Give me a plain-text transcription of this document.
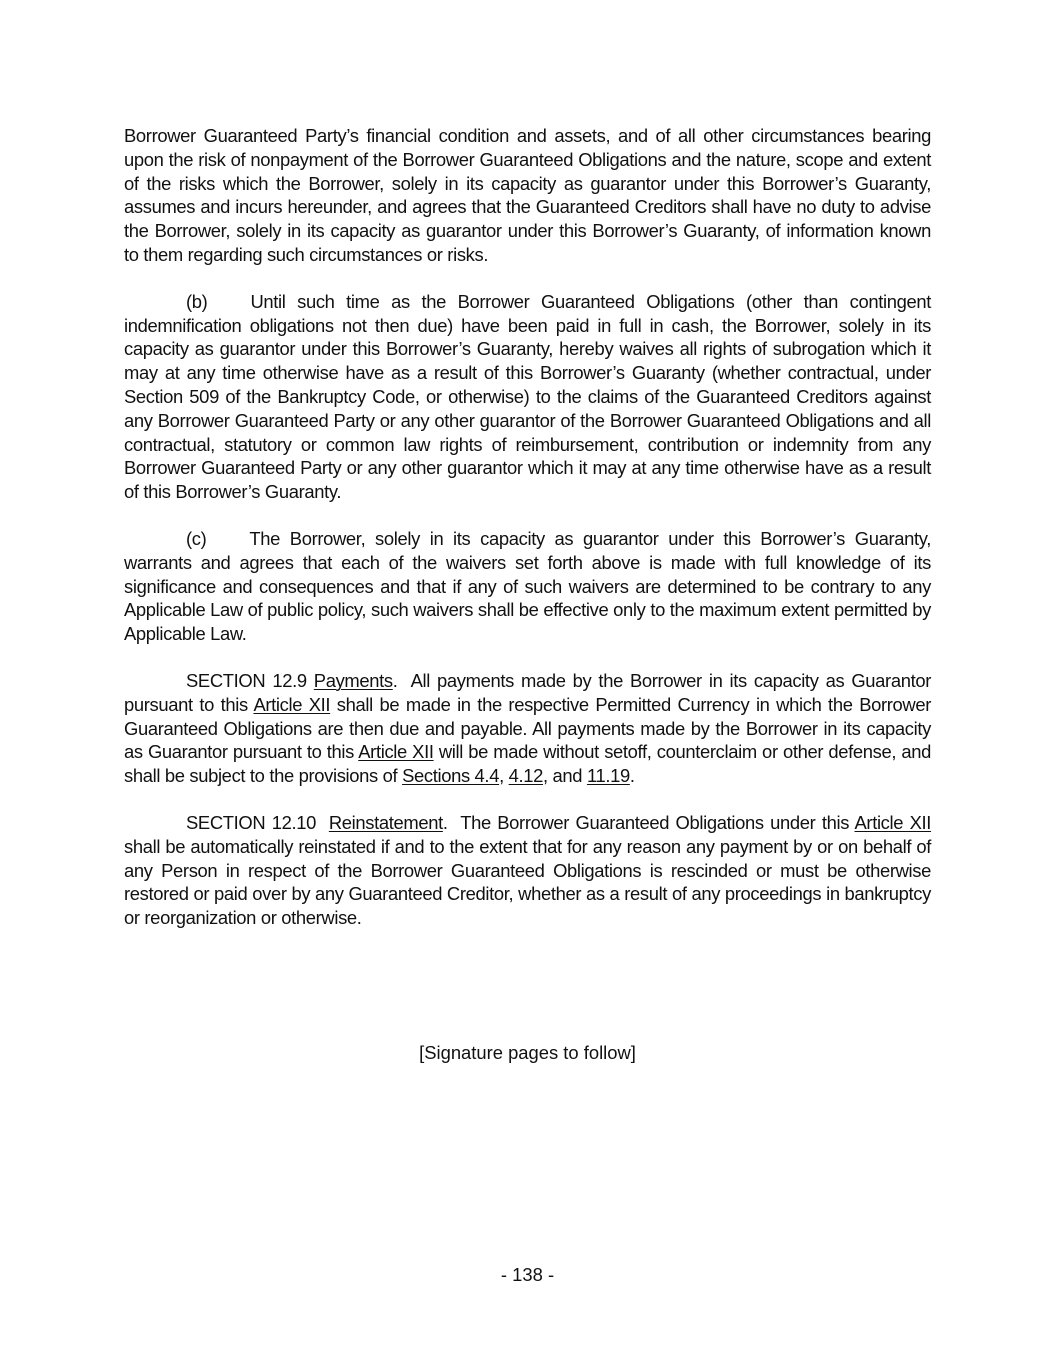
Borrower Guaranteed Party’s financial condition and assets, and of all other circumstances bearing upon the risk of nonpayment of the Borrower Guaranteed Obligations and the nature, scope and extent of the risks which the Borrower, solely in its capacity as guarantor under this Borrower’s Guaranty, assumes and incurs hereunder, and agrees that the Guaranteed Creditors shall have no duty to advise the Borrower, solely in its capacity as guarantor under this Borrower’s Guaranty, of information known to them regarding such circumstances or risks.

(b) Until such time as the Borrower Guaranteed Obligations (other than contingent indemnification obligations not then due) have been paid in full in cash, the Borrower, solely in its capacity as guarantor under this Borrower’s Guaranty, hereby waives all rights of subrogation which it may at any time otherwise have as a result of this Borrower’s Guaranty (whether contractual, under Section 509 of the Bankruptcy Code, or otherwise) to the claims of the Guaranteed Creditors against any Borrower Guaranteed Party or any other guarantor of the Borrower Guaranteed Obligations and all contractual, statutory or common law rights of reimbursement, contribution or indemnity from any Borrower Guaranteed Party or any other guarantor which it may at any time otherwise have as a result of this Borrower’s Guaranty.

(c) The Borrower, solely in its capacity as guarantor under this Borrower’s Guaranty, warrants and agrees that each of the waivers set forth above is made with full knowledge of its significance and consequences and that if any of such waivers are determined to be contrary to any Applicable Law of public policy, such waivers shall be effective only to the maximum extent permitted by Applicable Law.

SECTION 12.9 Payments.  All payments made by the Borrower in its capacity as Guarantor pursuant to this Article XII shall be made in the respective Permitted Currency in which the Borrower Guaranteed Obligations are then due and payable. All payments made by the Borrower in its capacity as Guarantor pursuant to this Article XII will be made without setoff, counterclaim or other defense, and shall be subject to the provisions of Sections 4.4, 4.12, and 11.19.

SECTION 12.10 Reinstatement.  The Borrower Guaranteed Obligations under this Article XII shall be automatically reinstated if and to the extent that for any reason any payment by or on behalf of any Person in respect of the Borrower Guaranteed Obligations is rescinded or must be otherwise restored or paid over by any Guaranteed Creditor, whether as a result of any proceedings in bankruptcy or reorganization or otherwise.

[Signature pages to follow]
- 138 -
